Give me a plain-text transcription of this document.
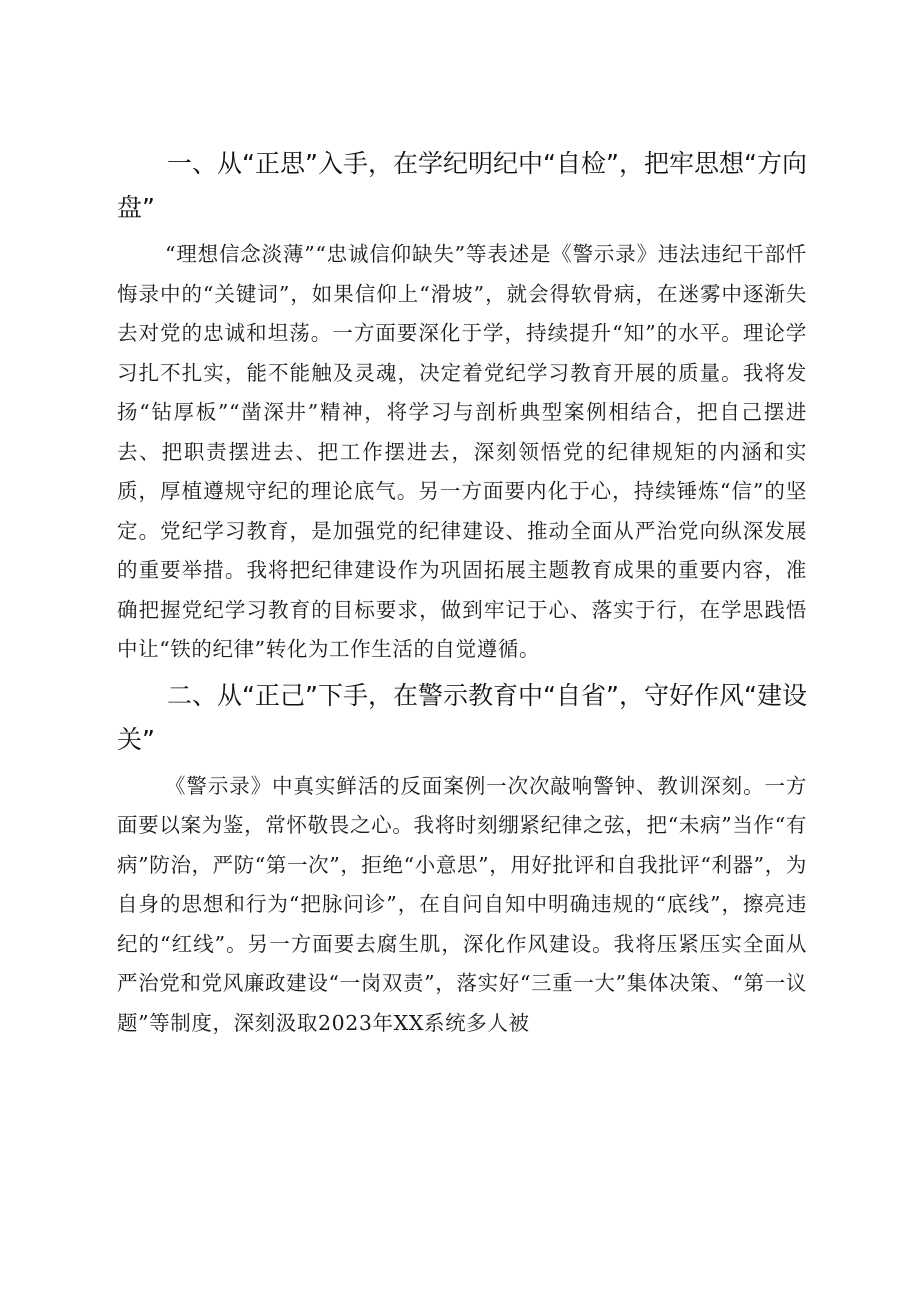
一、从“正思”入手，在学纪明纪中“自检”，把牢思想“方向盘”

“理想信念淡薄”“忠诚信仰缺失”等表述是《警示录》违法违纪干部忏悔录中的“关键词”，如果信仰上“滑坡”，就会得软骨病，在迷雾中逐渐失去对党的忠诚和坦荡。一方面要深化于学，持续提升“知”的水平。理论学习扎不扎实，能不能触及灵魂，决定着党纪学习教育开展的质量。我将发扬“钻厚板”“凿深井”精神，将学习与剖析典型案例相结合，把自己摆进去、把职责摆进去、把工作摆进去，深刻领悟党的纪律规矩的内涵和实质，厚植遵规守纪的理论底气。另一方面要内化于心，持续锤炼“信”的坚定。党纪学习教育，是加强党的纪律建设、推动全面从严治党向纵深发展的重要举措。我将把纪律建设作为巩固拓展主题教育成果的重要内容，准确把握党纪学习教育的目标要求，做到牢记于心、落实于行，在学思践悟中让“铁的纪律”转化为工作生活的自觉遵循。

二、从“正己”下手，在警示教育中“自省”，守好作风“建设关”

《警示录》中真实鲜活的反面案例一次次敲响警钟、教训深刻。一方面要以案为鉴，常怀敬畏之心。我将时刻绷紧纪律之弦，把“未病”当作“有病”防治，严防“第一次”，拒绝“小意思”，用好批评和自我批评“利器”，为自身的思想和行为“把脉问诊”，在自问自知中明确违规的“底线”，擦亮违纪的“红线”。另一方面要去腐生肌，深化作风建设。我将压紧压实全面从严治党和党风廉政建设“一岗双责”，落实好“三重一大”集体决策、“第一议题”等制度，深刻汲取2023年XX系统多人被
